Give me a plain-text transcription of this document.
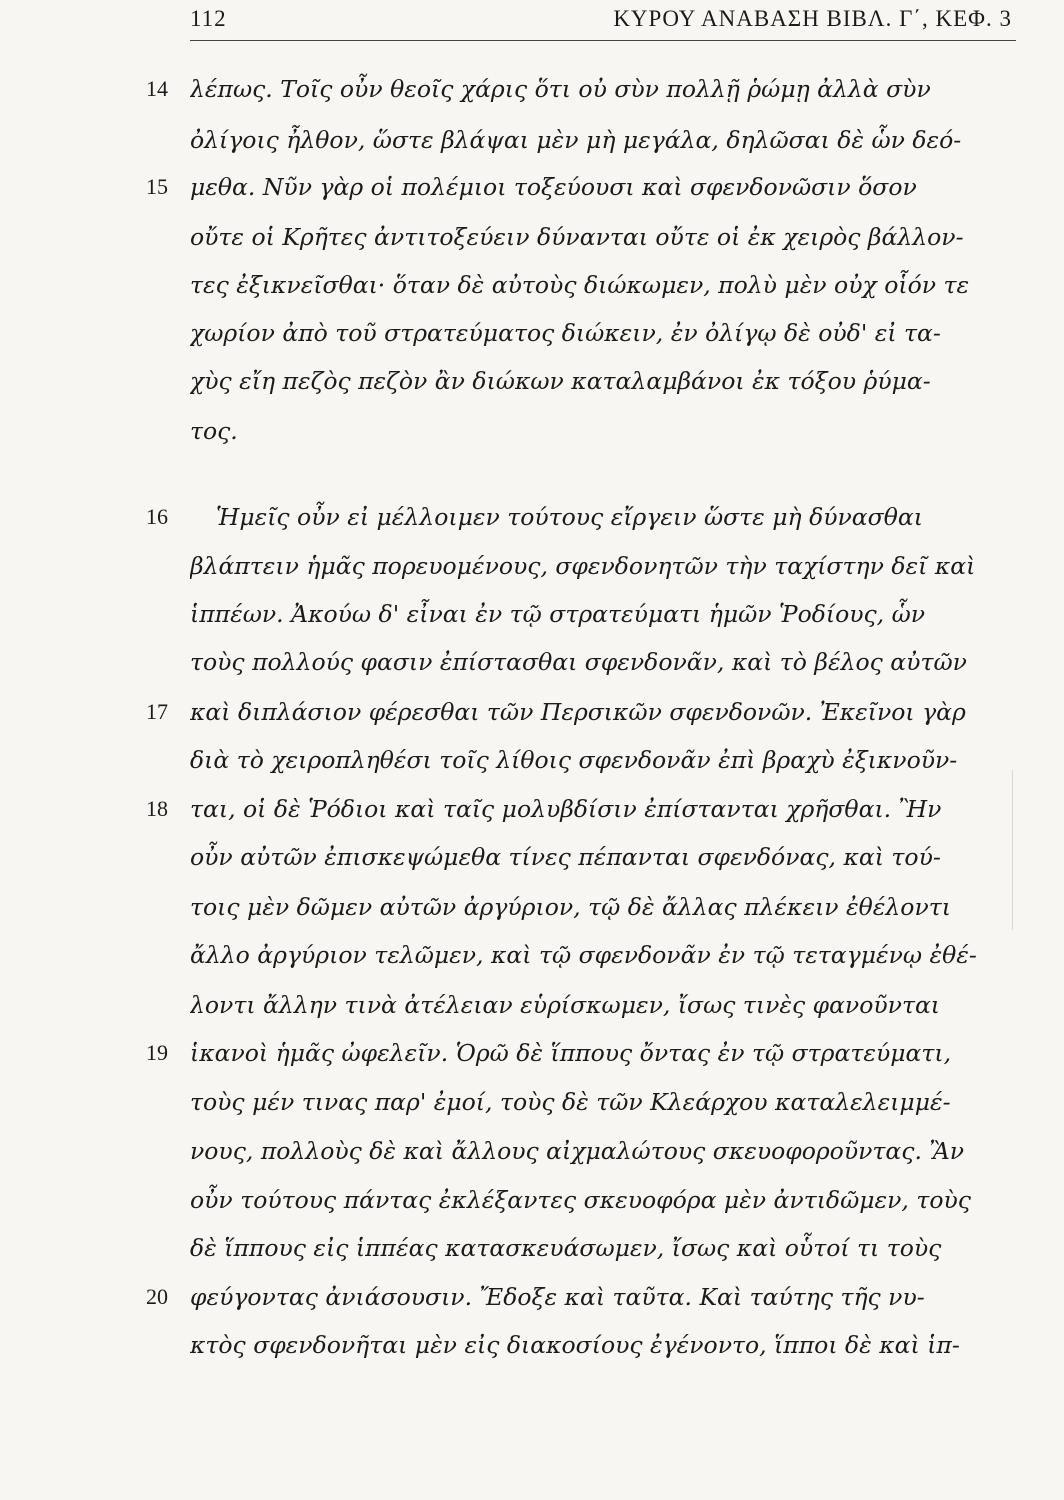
112	ΚΥΡΟΥ ΑΝΑΒΑΣΗ ΒΙΒΛ. Γ΄, ΚΕΦ. 3
λέπως. Τοῖς οὖν θεοῖς χάρις ὅτι οὐ σὺν πολλῇ ῥώμῃ ἀλλὰ σὺν
ὀλίγοις ἦλθον, ὥστε βλάψαι μὲν μὴ μεγάλα, δηλῶσαι δὲ ὧν δεό-
μεθα. Νῦν γὰρ οἱ πολέμιοι τοξεύουσι καὶ σφενδονῶσιν ὅσον
οὔτε οἱ Κρῆτες ἀντιτοξεύειν δύνανται οὔτε οἱ ἐκ χειρὸς βάλλον-
τες ἐξικνεῖσθαι· ὅταν δὲ αὐτοὺς διώκωμεν, πολὺ μὲν οὐχ οἷόν τε
χωρίον ἀπὸ τοῦ στρατεύματος διώκειν, ἐν ὀλίγῳ δὲ οὐδ' εἰ τα-
χὺς εἴη πεζὸς πεζὸν ἂν διώκων καταλαμβάνοι ἐκ τόξου ῥύμα-
τος.
Ἡμεῖς οὖν εἰ μέλλοιμεν τούτους εἴργειν ὥστε μὴ δύνασθαι
βλάπτειν ἡμᾶς πορευομένους, σφενδονητῶν τὴν ταχίστην δεῖ καὶ
ἱππέων. Ἀκούω δ' εἶναι ἐν τῷ στρατεύματι ἡμῶν Ῥοδίους, ὧν
τοὺς πολλούς φασιν ἐπίστασθαι σφενδονᾶν, καὶ τὸ βέλος αὐτῶν
καὶ διπλάσιον φέρεσθαι τῶν Περσικῶν σφενδονῶν. Ἐκεῖνοι γὰρ
διὰ τὸ χειροπληθέσι τοῖς λίθοις σφενδονᾶν ἐπὶ βραχὺ ἐξικνοῦν-
ται, οἱ δὲ Ῥόδιοι καὶ ταῖς μολυβδίσιν ἐπίστανται χρῆσθαι. Ἢν
οὖν αὐτῶν ἐπισκεψώμεθα τίνες πέπανται σφενδόνας, καὶ τού-
τοις μὲν δῶμεν αὐτῶν ἀργύριον, τῷ δὲ ἄλλας πλέκειν ἐθέλοντι
ἄλλο ἀργύριον τελῶμεν, καὶ τῷ σφενδονᾶν ἐν τῷ τεταγμένῳ ἐθέ-
λοντι ἄλλην τινὰ ἀτέλειαν εὑρίσκωμεν, ἴσως τινὲς φανοῦνται
ἱκανοὶ ἡμᾶς ὠφελεῖν. Ὁρῶ δὲ ἵππους ὄντας ἐν τῷ στρατεύματι,
τοὺς μέν τινας παρ' ἐμοί, τοὺς δὲ τῶν Κλεάρχου καταλελειμμέ-
νους, πολλοὺς δὲ καὶ ἄλλους αἰχμαλώτους σκευοφοροῦντας. Ἂν
οὖν τούτους πάντας ἐκλέξαντες σκευοφόρα μὲν ἀντιδῶμεν, τοὺς
δὲ ἵππους εἰς ἱππέας κατασκευάσωμεν, ἴσως καὶ οὗτοί τι τοὺς
φεύγοντας ἀνιάσουσιν. Ἔδοξε καὶ ταῦτα. Καὶ ταύτης τῆς νυ-
κτὸς σφενδονῆται μὲν εἰς διακοσίους ἐγένοντο, ἵπποι δὲ καὶ ἱπ-
14
15
16
17
18
19
20
